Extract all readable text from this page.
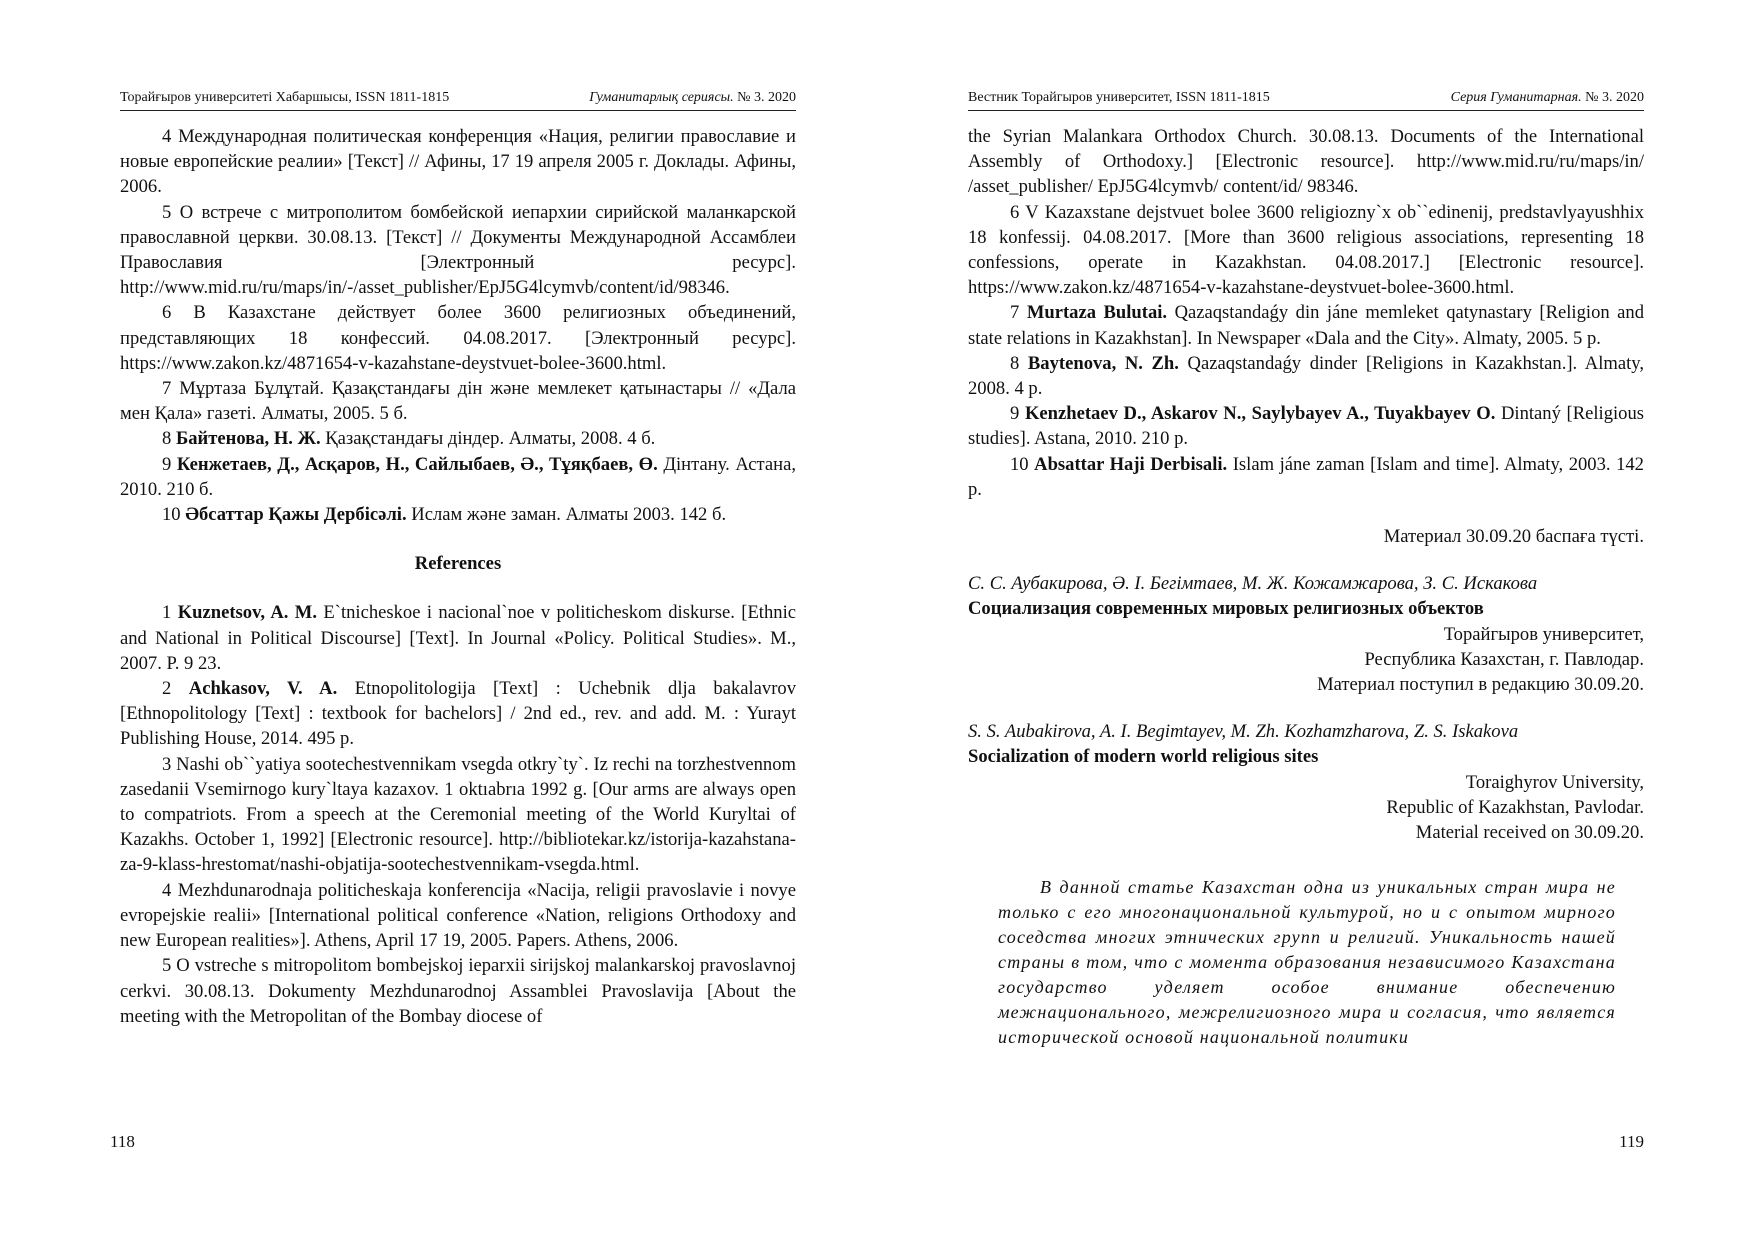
Торайғыров университеті Хабаршысы, ISSN 1811-1815	Гуманитарлық сериясы. № 3. 2020

4 Международная политическая конференция «Нация, религии православие и новые европейские реалии» [Текст] // Афины, 17 19 апреля 2005 г. Доклады. Афины, 2006.

5 О встрече с митрополитом бомбейской иепархии сирийской маланкарской православной церкви. 30.08.13. [Текст] // Документы Международной Ассамблеи Православия [Электронный ресурс]. http://www.mid.ru/ru/maps/in/-/asset_publisher/EpJ5G4lcymvb/content/id/98346.

6 В Казахстане действует более 3600 религиозных объединений, представляющих 18 конфессий. 04.08.2017. [Электронный ресурс]. https://www.zakon.kz/4871654-v-kazahstane-deystvuet-bolee-3600.html.

7 Мұртаза Бұлұтай. Қазақстандағы дін және мемлекет қатынастары // «Дала мен Қала» газеті. Алматы, 2005. 5 б.

8 Байтенова, Н. Ж. Қазақстандағы діндер. Алматы, 2008. 4 б.

9 Кенжетаев, Д., Асқаров, Н., Сайлыбаев, Ә., Тұяқбаев, Ө. Дінтану. Астана, 2010. 210 б.

10 Әбсаттар Қажы Дербісәлі. Ислам және заман. Алматы 2003. 142 б.

References

1 Kuznetsov, A. M. E`tnicheskoe i nacional`noe v politicheskom diskurse. [Ethnic and National in Political Discourse] [Text]. In Journal «Policy. Political Studies». M., 2007. P. 9 23.

2 Achkasov, V. A. Etnopolitologija [Text] : Uchebnik dlja bakalavrov [Ethnopolitology [Text] : textbook for bachelors] / 2nd ed., rev. and add. M. : Yurayt Publishing House, 2014. 495 p.

3 Nashi ob``yatiya sootechestvennikam vsegda otkry`ty`. Iz rechi na torzhestvennom zasedanii Vsemirnogo kury`ltaya kazaxov. 1 oktıabrıa 1992 g. [Our arms are always open to compatriots. From a speech at the Ceremonial meeting of the World Kuryltai of Kazakhs. October 1, 1992] [Electronic resource]. http://bibliotekar.kz/istorija-kazahstana-za-9-klass-hrestomat/nashi-objatija-sootechestvennikam-vsegda.html.

4 Mezhdunarodnaja politicheskaja konferencija «Nacija, religii pravoslavie i novye evropejskie realii» [International political conference «Nation, religions Orthodoxy and new European realities»]. Athens, April 17 19, 2005. Papers. Athens, 2006.

5 O vstreche s mitropolitom bombejskoj ieparxii sirijskoj malankarskoj pravoslavnoj cerkvi. 30.08.13. Dokumenty Mezhdunarodnoj Assamblei Pravoslavija [About the meeting with the Metropolitan of the Bombay diocese of

118
Вестник Торайгыров университет, ISSN 1811-1815	Серия Гуманитарная. № 3. 2020

the Syrian Malankara Orthodox Church. 30.08.13. Documents of the International Assembly of Orthodoxy.] [Electronic resource]. http://www.mid.ru/ru/maps/in/ /asset_publisher/ EpJ5G4lcymvb/ content/id/ 98346.

6 V Kazaxstane dejstvuet bolee 3600 religiozny`x ob``edinenij, predstavlyayushhix 18 konfessij. 04.08.2017. [More than 3600 religious associations, representing 18 confessions, operate in Kazakhstan. 04.08.2017.] [Electronic resource]. https://www.zakon.kz/4871654-v-kazahstane-deystvuet-bolee-3600.html.

7 Murtaza Bulutai. Qazaqstandaǵy din jáne memleket qatynastary [Religion and state relations in Kazakhstan]. In Newspaper «Dala and the City». Almaty, 2005. 5 p.

8 Baytenova, N. Zh. Qazaqstandaǵy dinder [Religions in Kazakhstan.]. Almaty, 2008. 4 p.

9 Kenzhetaev D., Askarov N., Saylybayev A., Tuyakbayev O. Dintaný [Religious studies]. Astana, 2010. 210 p.

10 Absattar Haji Derbisali. Islam jáne zaman [Islam and time]. Almaty, 2003. 142 p.

Материал 30.09.20 баспаға түсті.

С. С. Аубакирова, Ә. І. Бегімтаев, М. Ж. Кожамжарова, З. С. Искакова

Социализация современных мировых религиозных объектов

Торайгыров университет,

Республика Казахстан, г. Павлодар.

Материал поступил в редакцию 30.09.20.

S. S. Aubakirova, A. I. Begimtayev, M. Zh. Kozhamzharova, Z. S. Iskakova

Socialization of modern world religious sites

Toraighyrov University,

Republic of Kazakhstan, Pavlodar.

Material received on 30.09.20.

В данной статье Казахстан одна из уникальных стран мира не только с его многонациональной культурой, но и с опытом мирного соседства многих этнических групп и религий. Уникальность нашей страны в том, что с момента образования независимого Казахстана государство уделяет особое внимание обеспечению межнационального, межрелигиозного мира и согласия, что является исторической основой национальной политики

119
